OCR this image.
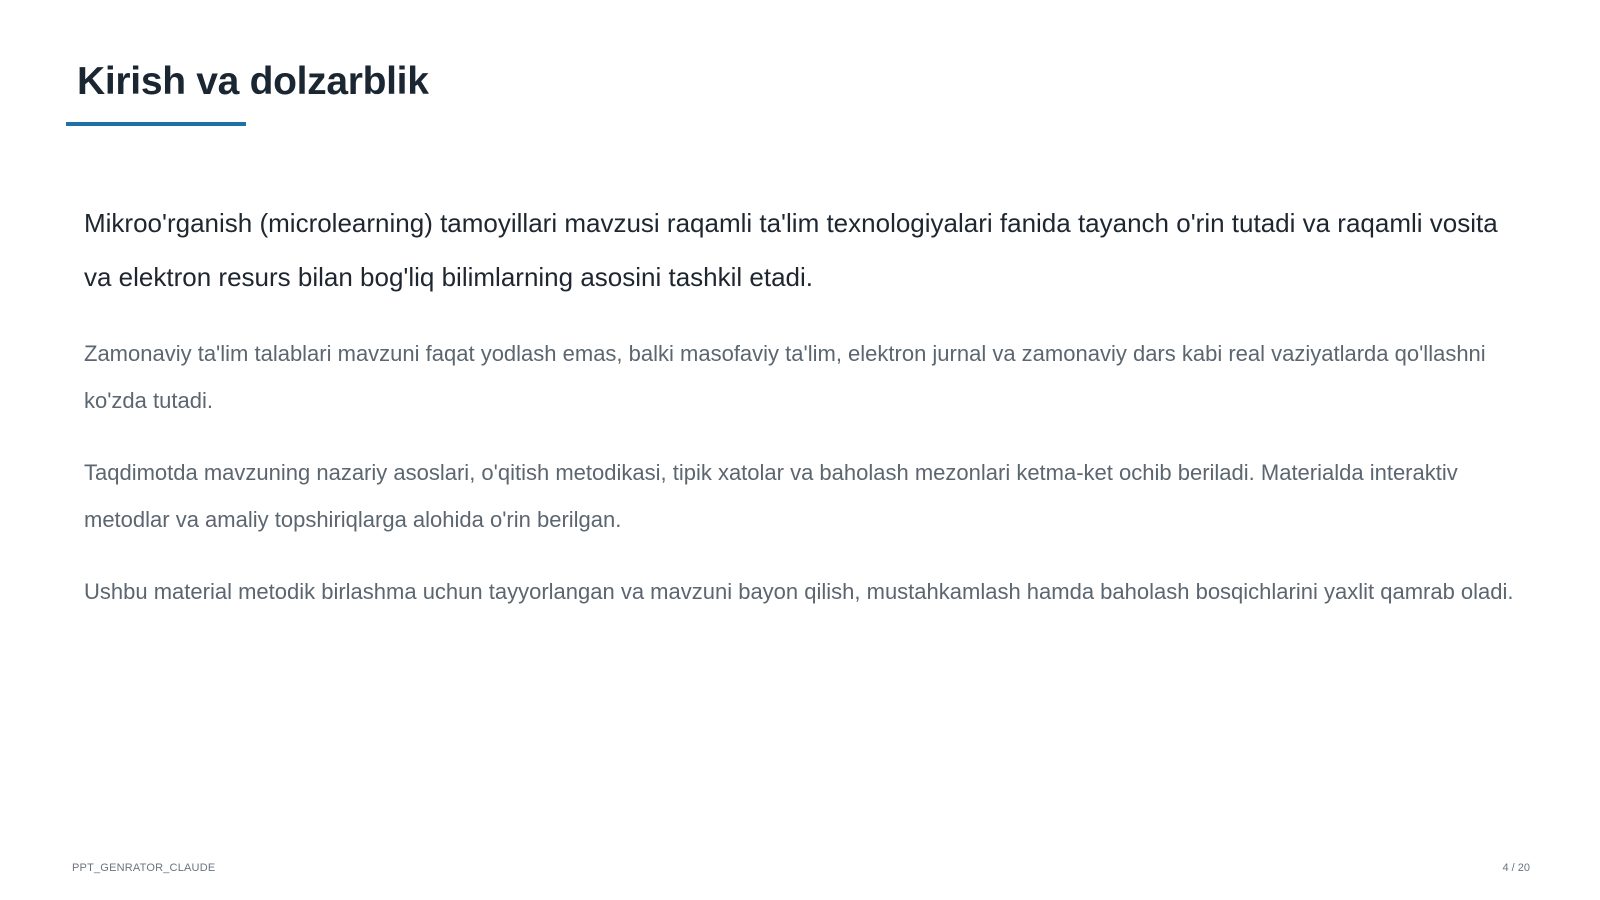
Kirish va dolzarblik

Mikroo'rganish (microlearning) tamoyillari mavzusi raqamli ta'lim texnologiyalari fanida tayanch o'rin tutadi va raqamli vosita va elektron resurs bilan bog'liq bilimlarning asosini tashkil etadi.

Zamonaviy ta'lim talablari mavzuni faqat yodlash emas, balki masofaviy ta'lim, elektron jurnal va zamonaviy dars kabi real vaziyatlarda qo'llashni ko'zda tutadi.

Taqdimotda mavzuning nazariy asoslari, o'qitish metodikasi, tipik xatolar va baholash mezonlari ketma-ket ochib beriladi. Materialda interaktiv metodlar va amaliy topshiriqlarga alohida o'rin berilgan.

Ushbu material metodik birlashma uchun tayyorlangan va mavzuni bayon qilish, mustahkamlash hamda baholash bosqichlarini yaxlit qamrab oladi.

PPT_GENRATOR_CLAUDE	4 / 20
